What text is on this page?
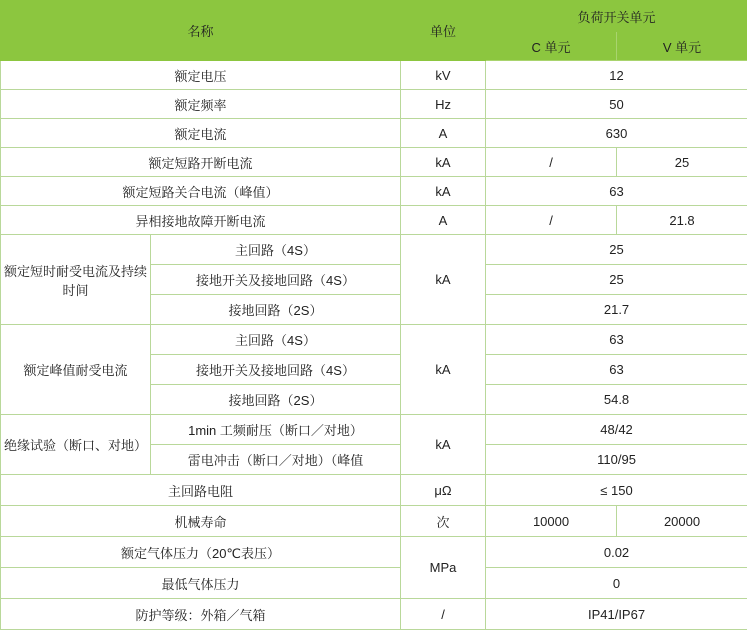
名称		单位	负荷开关单元	
			C 单元	V 单元
额定电压		kV	12	
额定频率		Hz	50	
额定电流		A	630	
额定短路开断电流		kA	/	25
额定短路关合电流（峰值）		kA	63	
异相接地故障开断电流		A	/	21.8
额定短时耐受电流及持续时间	主回路（4S）	kA	25	
	接地开关及接地回路（4S）		25	
	接地回路（2S）		21.7	
额定峰值耐受电流	主回路（4S）	kA	63	
	接地开关及接地回路（4S）		63	
	接地回路（2S）		54.8	
绝缘试验（断口、对地）	1min 工频耐压（断口／对地）	kA	48/42	
	雷电冲击（断口／对地）（峰值		110/95	
主回路电阻		μΩ	≤ 150	
机械寿命		次	10000	20000
额定气体压力（20℃表压）		MPa	0.02	
最低气体压力			0	
防护等级：外箱／气箱		/	IP41/IP67	
